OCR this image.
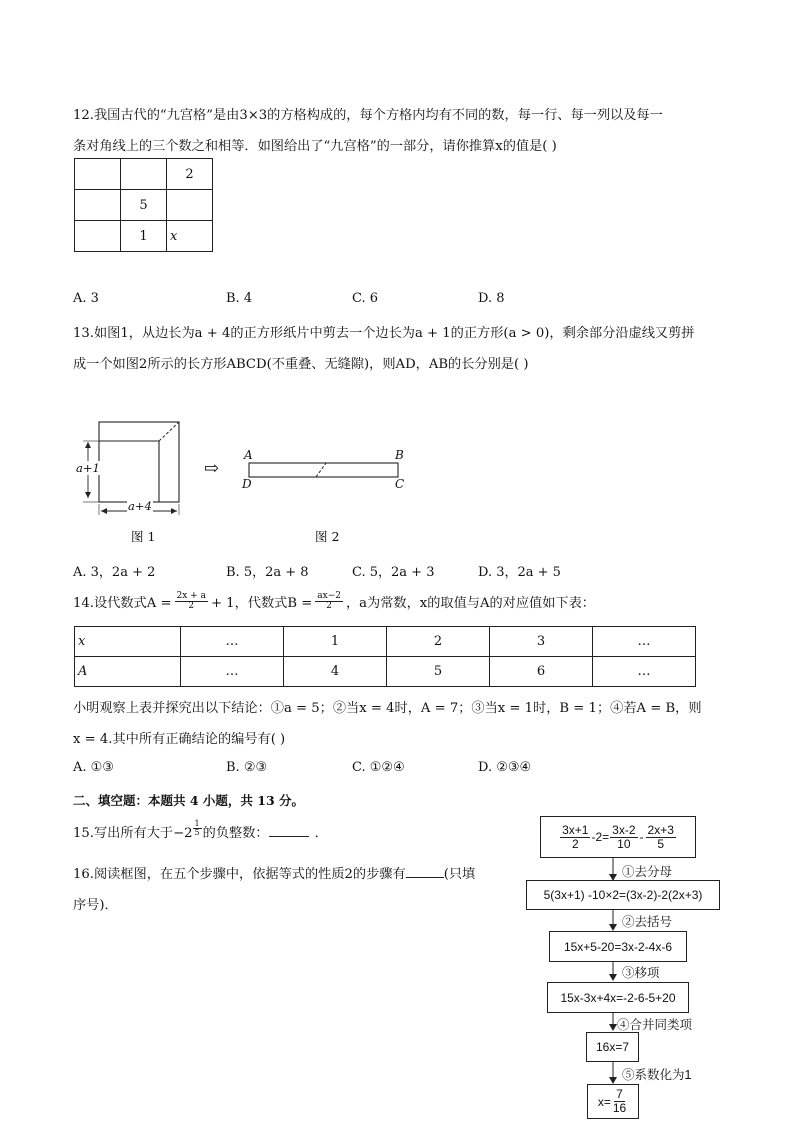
12.我国古代的“九宫格”是由3×3的方格构成的，每个方格内均有不同的数，每一行、每一列以及每一
条对角线上的三个数之和相等．如图给出了“九宫格”的一部分，请你推算x的值是( )
		2
	5	
	1	x
A. 3	B. 4	C. 6	D. 8
13.如图1，从边长为a + 4的正方形纸片中剪去一个边长为a + 1的正方形(a > 0)，剩余部分沿虚线又剪拼
成一个如图2所示的长方形ABCD(不重叠、无缝隙)，则AD，AB的长分别是( )
a+1
a+4
⇨
A	B
C
D
图 1	图 2
A. 3，2a + 2	B. 5，2a + 8	C. 5，2a + 3	D. 3，2a + 5
14.设代数式$A = \frac{2x + a}{2} + 1$，代数式$B = \frac{ax-2}{2}$ ，a为常数，x的取值与A的对应值如下表：
x	…	1	2	3	…
A	…	4	5	6	…
小明观察上表并探究出以下结论：①a = 5；②当x = 4时，A = 7；③当x = 1时，B = 1；④若A = B，则
x = 4.其中所有正确结论的编号有( )
A. ①③	B. ②③	C. ①②④	D. ②③④
二、填空题：本题共 4 小题，共 13 分。
15.写出所有大于$-2 \frac{1}{5}$ 的负整数：	．
16.阅读框图，在五个步骤中，依据等式的性质2的步骤有	(只填
序号)．
$\frac{3x+1}{2} -2= \frac{3x-2}{10} - \frac{2x+3}{5}$
①去分母
5(3x+1) -10×2=(3x-2)-2(2x+3)
②去括号
15x+5-20=3x-2-4x-6
③移项
15x-3x+4x=-2-6-5+20
④合并同类项
16x=7
⑤系数化为1
$x= \frac{7}{16}$
